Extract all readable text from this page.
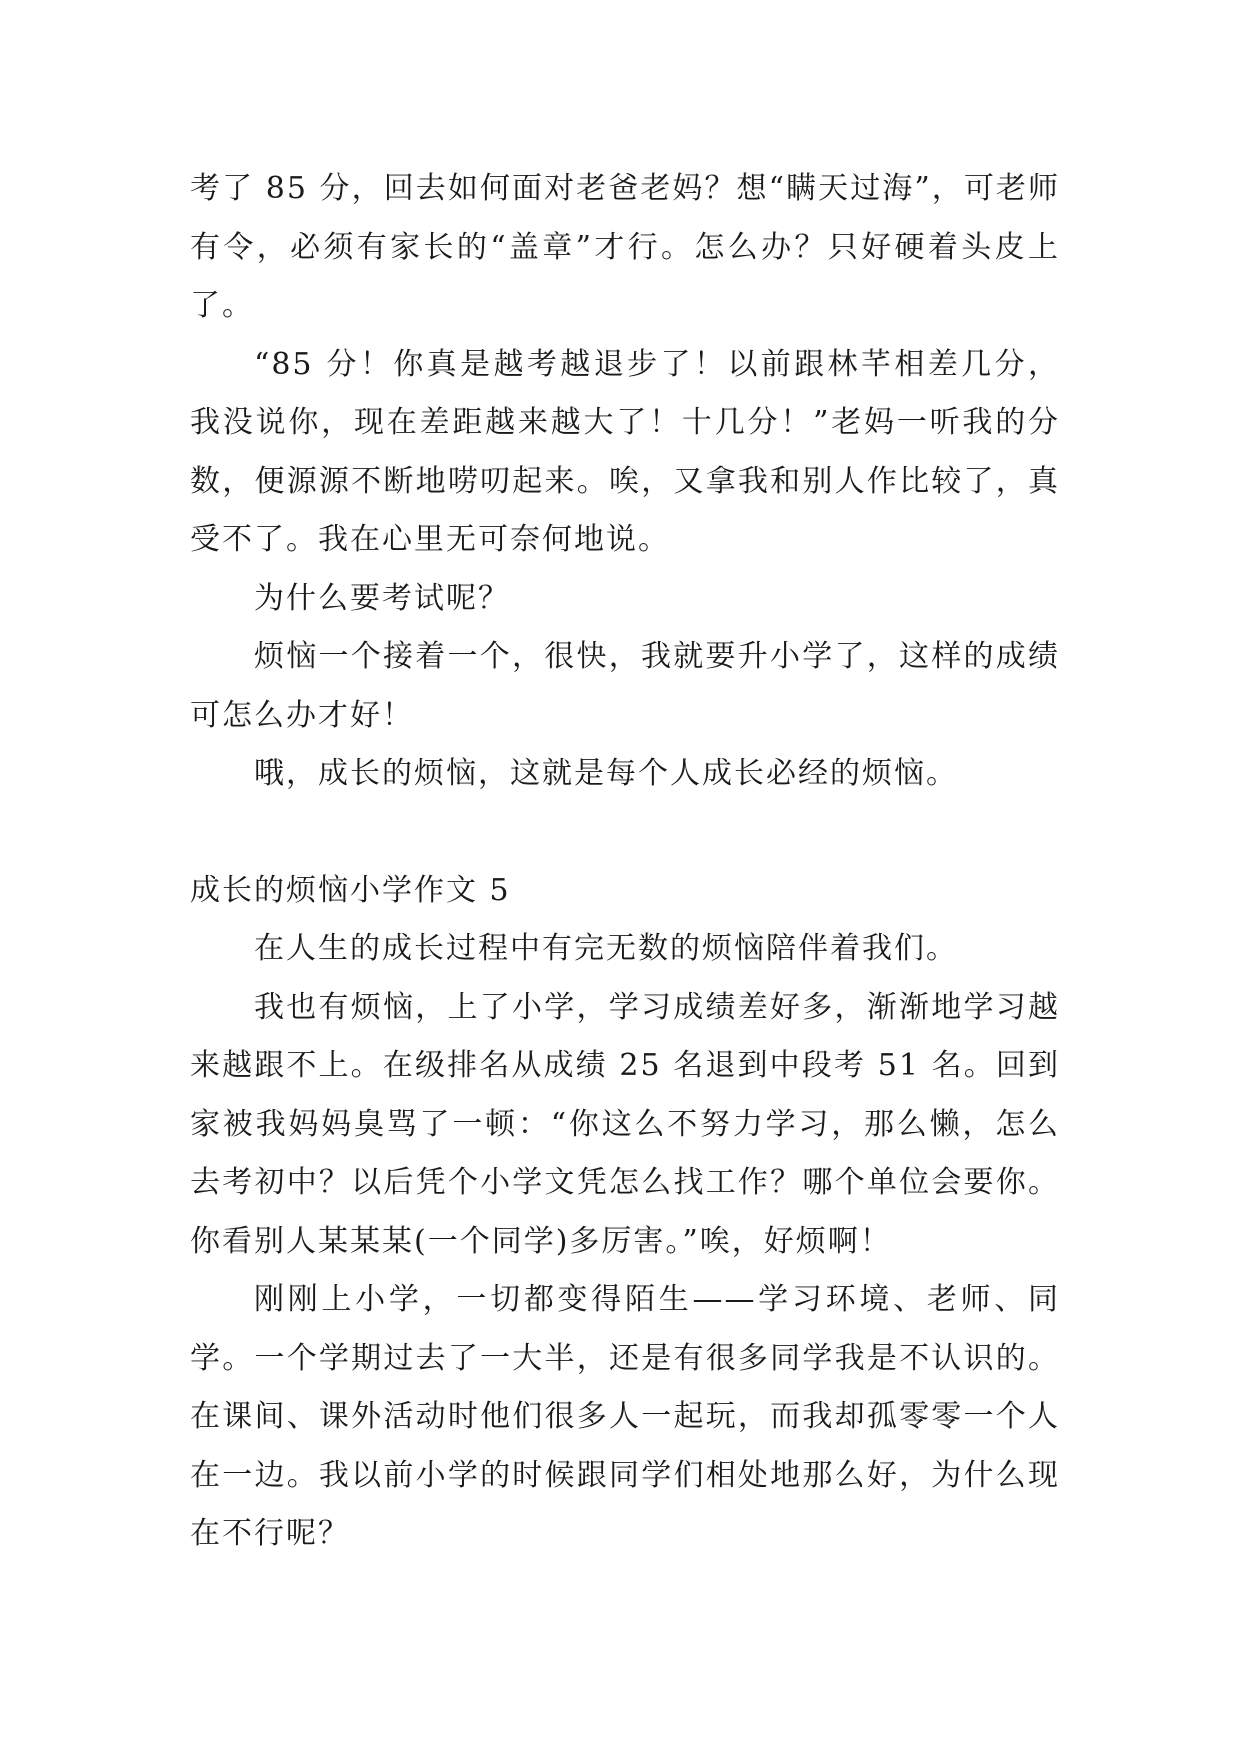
考了 85 分，回去如何面对老爸老妈？想“瞒天过海”，可老师有令，必须有家长的“盖章”才行。怎么办？只好硬着头皮上了。

“85 分！你真是越考越退步了！以前跟林芊相差几分，我没说你，现在差距越来越大了！十几分！”老妈一听我的分数，便源源不断地唠叨起来。唉，又拿我和别人作比较了，真受不了。我在心里无可奈何地说。

为什么要考试呢？

烦恼一个接着一个，很快，我就要升小学了，这样的成绩可怎么办才好！

哦，成长的烦恼，这就是每个人成长必经的烦恼。

成长的烦恼小学作文 5

在人生的成长过程中有完无数的烦恼陪伴着我们。

我也有烦恼，上了小学，学习成绩差好多，渐渐地学习越来越跟不上。在级排名从成绩 25 名退到中段考 51 名。回到家被我妈妈臭骂了一顿：“你这么不努力学习，那么懒，怎么去考初中？以后凭个小学文凭怎么找工作？哪个单位会要你。你看别人某某某(一个同学)多厉害。”唉，好烦啊！

刚刚上小学，一切都变得陌生——学习环境、老师、同学。一个学期过去了一大半，还是有很多同学我是不认识的。在课间、课外活动时他们很多人一起玩，而我却孤零零一个人在一边。我以前小学的时候跟同学们相处地那么好，为什么现在不行呢？
